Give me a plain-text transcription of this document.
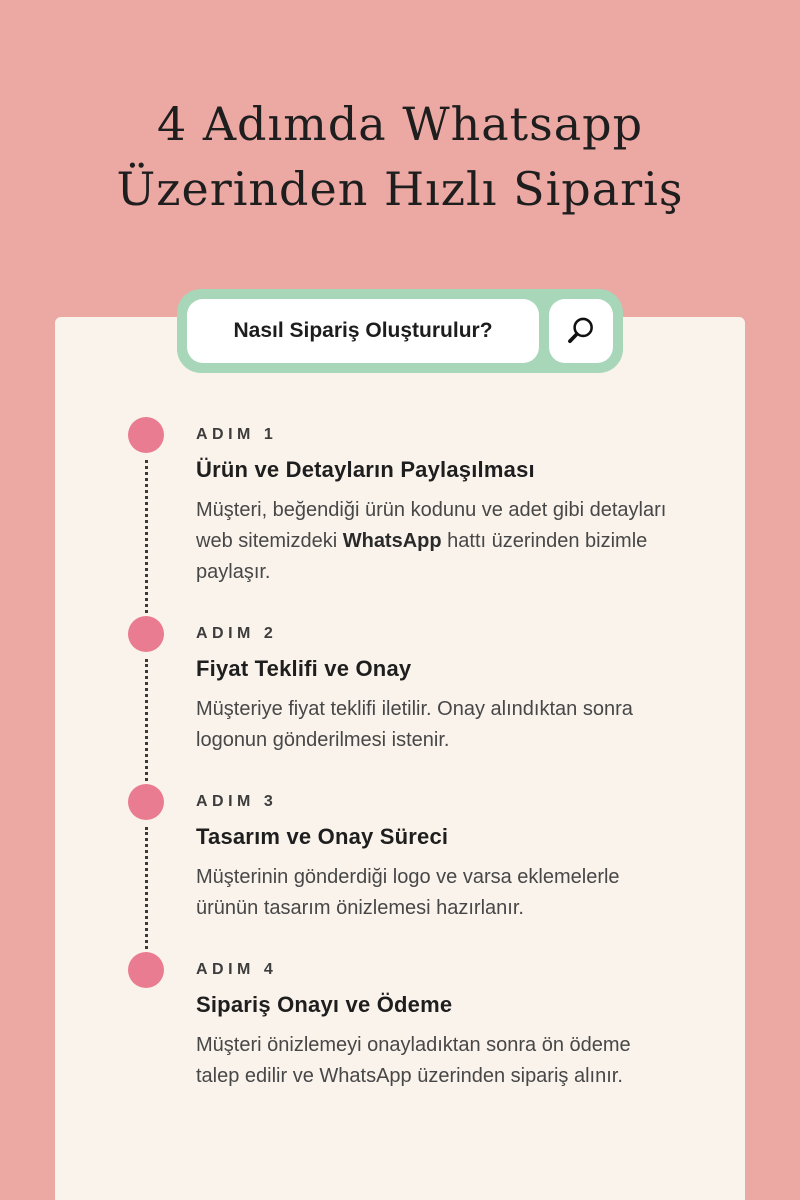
4 Adımda Whatsapp
Üzerinden Hızlı Sipariş
Nasıl Sipariş Oluşturulur?
ADIM 1
Ürün ve Detayların Paylaşılması

Müşteri, beğendiği ürün kodunu ve adet gibi detayları web sitemizdeki WhatsApp hattı üzerinden bizimle paylaşır.

ADIM 2
Fiyat Teklifi ve Onay

Müşteriye fiyat teklifi iletilir. Onay alındıktan sonra logonun gönderilmesi istenir.

ADIM 3
Tasarım ve Onay Süreci

Müşterinin gönderdiği logo ve varsa eklemelerle ürünün tasarım önizlemesi hazırlanır.

ADIM 4
Sipariş Onayı ve Ödeme

Müşteri önizlemeyi onayladıktan sonra ön ödeme talep edilir ve WhatsApp üzerinden sipariş alınır.
